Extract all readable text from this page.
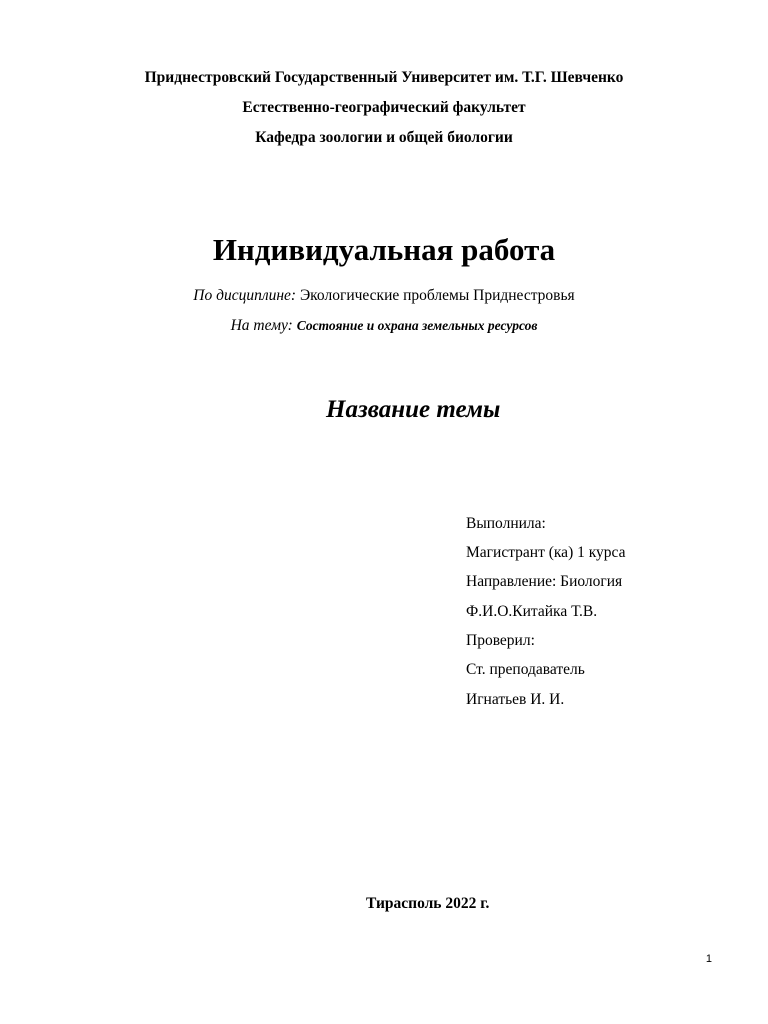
Приднестровский Государственный Университет им. Т.Г. Шевченко
Естественно-географический факультет
Кафедра зоологии и общей биологии
Индивидуальная работа
По дисциплине: Экологические проблемы Приднестровья
На тему: Состояние и охрана земельных ресурсов
Название темы
Выполнила:
Магистрант (ка) 1 курса
Направление: Биология
Ф.И.О.Китайка Т.В.
Проверил:
Ст. преподаватель
Игнатьев И. И.
Тирасполь 2022 г.
1
